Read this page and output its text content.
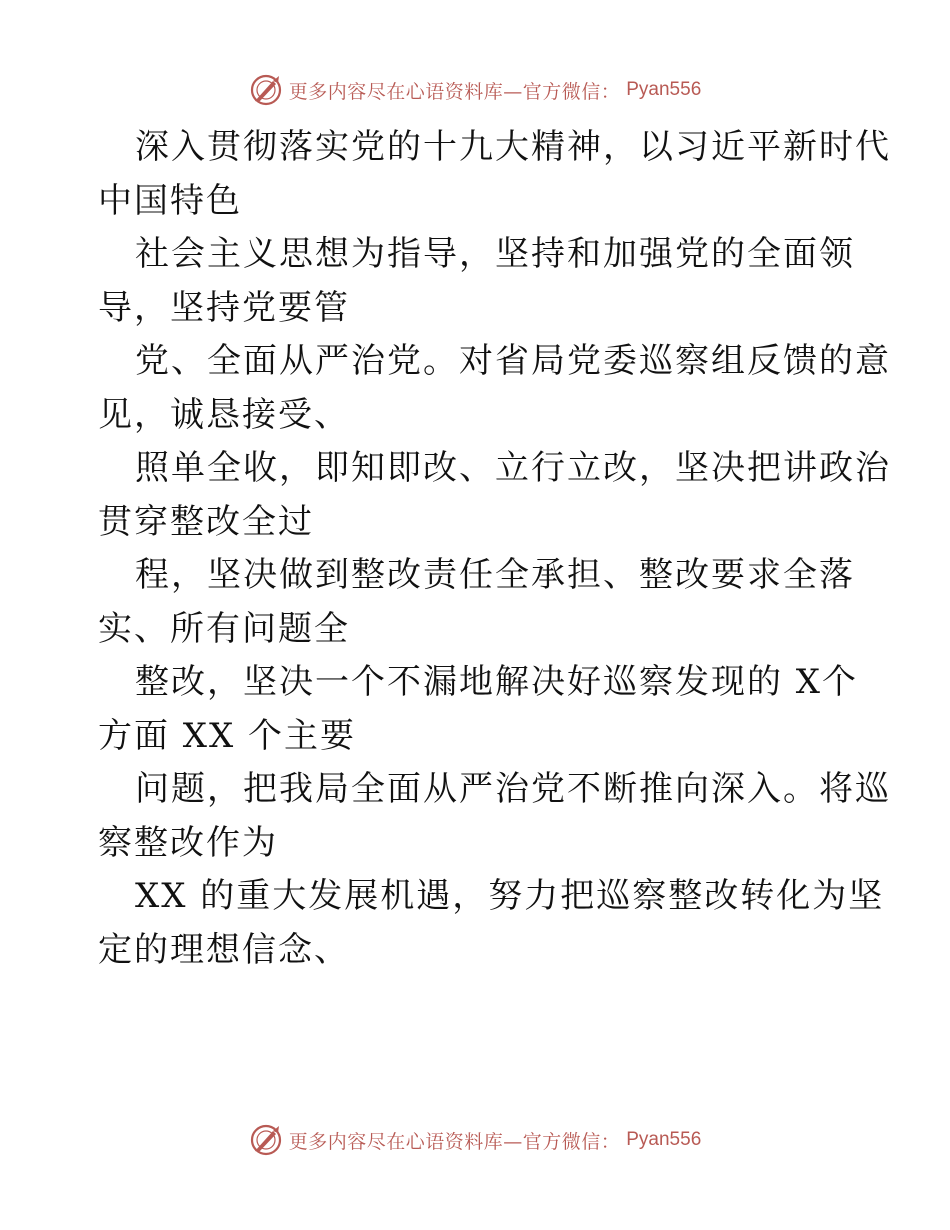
更多内容尽在心语资料库—官方微信： Pyan556
深入贯彻落实党的十九大精神，以习近平新时代
中国特色
社会主义思想为指导，坚持和加强党的全面领
导，坚持党要管
党、全面从严治党。对省局党委巡察组反馈的意
见，诚恳接受、
照单全收，即知即改、立行立改，坚决把讲政治
贯穿整改全过
程，坚决做到整改责任全承担、整改要求全落
实、所有问题全
整改，坚决一个不漏地解决好巡察发现的 X个
方面 XX 个主要
问题，把我局全面从严治党不断推向深入。将巡
察整改作为
XX 的重大发展机遇，努力把巡察整改转化为坚
定的理想信念、
更多内容尽在心语资料库—官方微信： Pyan556
